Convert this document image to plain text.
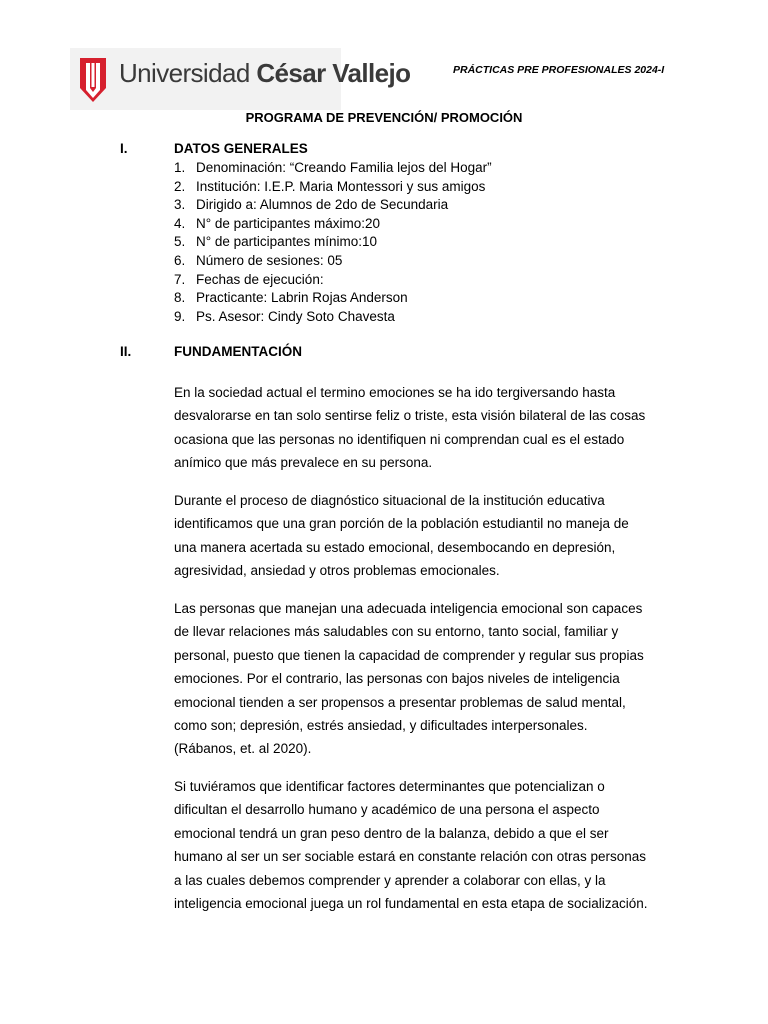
Universidad César Vallejo	PRÁCTICAS PRE PROFESIONALES 2024-I
PROGRAMA DE PREVENCIÓN/ PROMOCIÓN
I.	DATOS GENERALES
1. Denominación: “Creando Familia lejos del Hogar”
2. Institución: I.E.P. Maria Montessori y sus amigos
3. Dirigido a: Alumnos de 2do de Secundaria
4. N° de participantes máximo:20
5. N° de participantes mínimo:10
6. Número de sesiones: 05
7. Fechas de ejecución:
8. Practicante: Labrin Rojas Anderson
9. Ps. Asesor: Cindy Soto Chavesta
II.	FUNDAMENTACIÓN

En la sociedad actual el termino emociones se ha ido tergiversando hasta
desvalorarse en tan solo sentirse feliz o triste, esta visión bilateral de las cosas
ocasiona que las personas no identifiquen ni comprendan cual es el estado
anímico que más prevalece en su persona.

Durante el proceso de diagnóstico situacional de la institución educativa
identificamos que una gran porción de la población estudiantil no maneja de
una manera acertada su estado emocional, desembocando en depresión,
agresividad, ansiedad y otros problemas emocionales.

Las personas que manejan una adecuada inteligencia emocional son capaces
de llevar relaciones más saludables con su entorno, tanto social, familiar y
personal, puesto que tienen la capacidad de comprender y regular sus propias
emociones. Por el contrario, las personas con bajos niveles de inteligencia
emocional tienden a ser propensos a presentar problemas de salud mental,
como son; depresión, estrés ansiedad, y dificultades interpersonales.
(Rábanos, et. al 2020).

Si tuviéramos que identificar factores determinantes que potencializan o
dificultan el desarrollo humano y académico de una persona el aspecto
emocional tendrá un gran peso dentro de la balanza, debido a que el ser
humano al ser un ser sociable estará en constante relación con otras personas
a las cuales debemos comprender y aprender a colaborar con ellas, y la
inteligencia emocional juega un rol fundamental en esta etapa de socialización.
